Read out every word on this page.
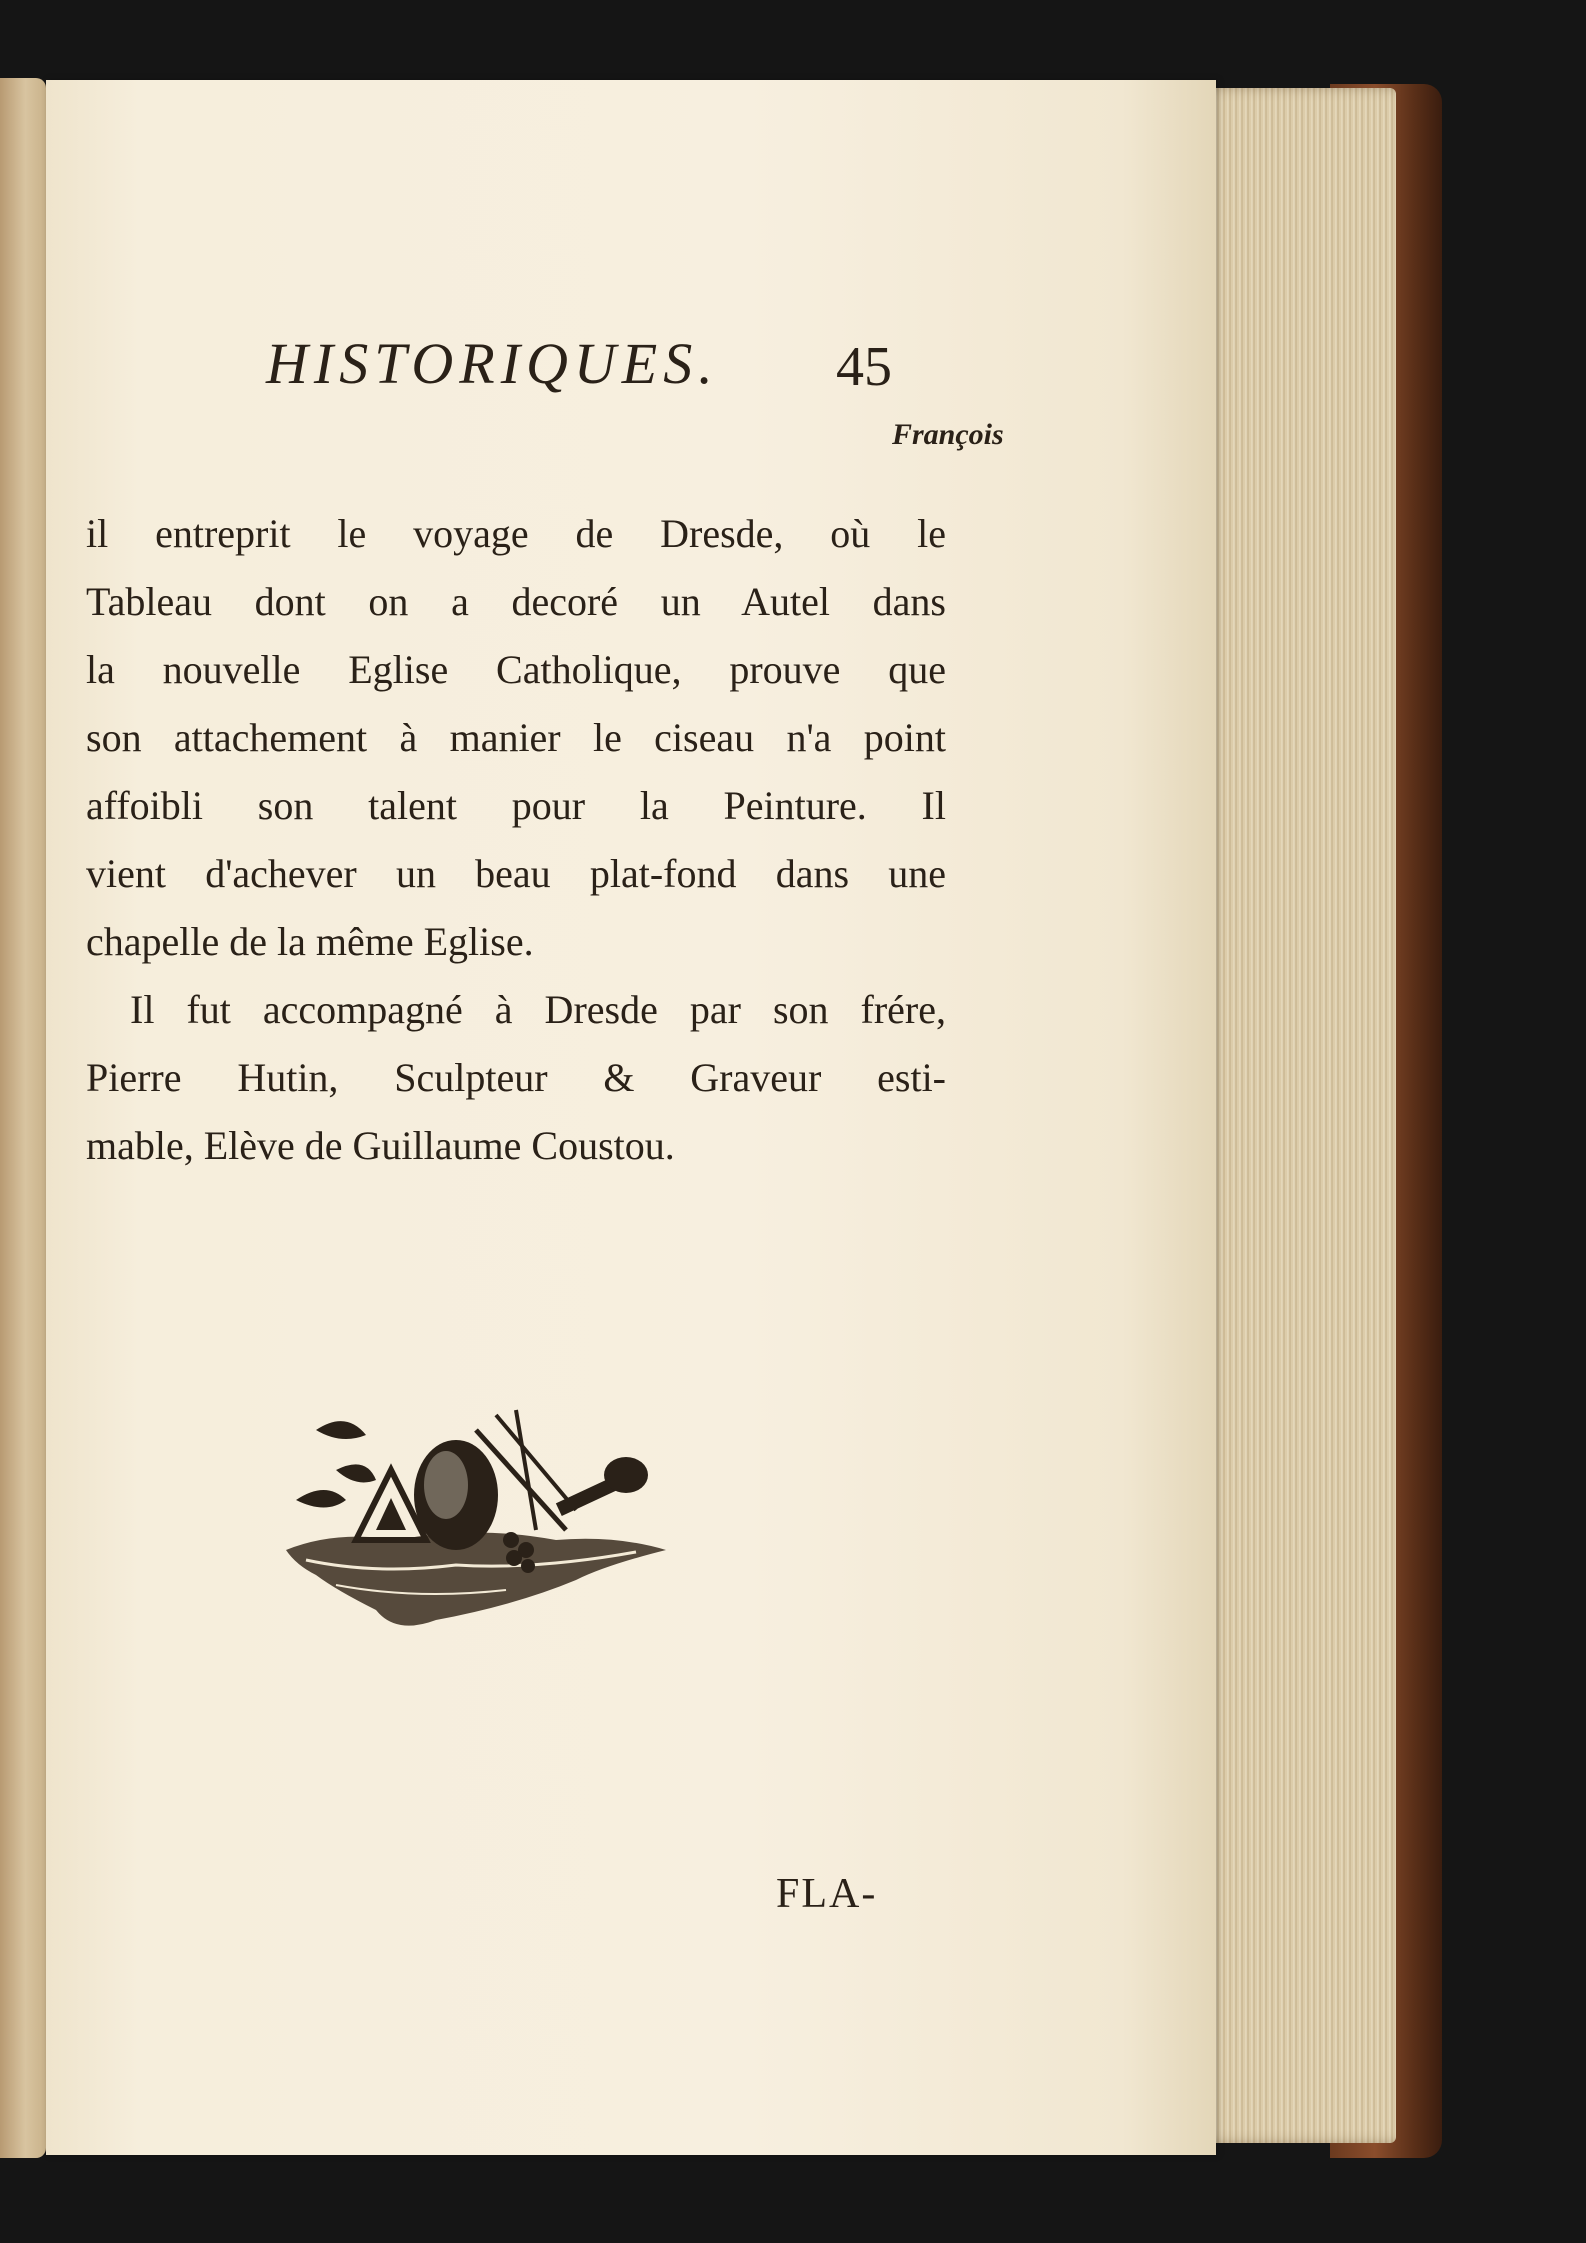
HISTORIQUES. 45
François
il entreprit le voyage de Dresde, où le
Tableau dont on a decoré un Autel dans
la nouvelle Eglise Catholique, prouve que
son attachement à manier le ciseau n'a point
affoibli son talent pour la Peinture. Il
vient d'achever un beau plat-fond dans une
chapelle de la même Eglise.
Il fut accompagné à Dresde par son frére,
Pierre Hutin, Sculpteur & Graveur esti-
mable, Elève de Guillaume Coustou.
FLA-
